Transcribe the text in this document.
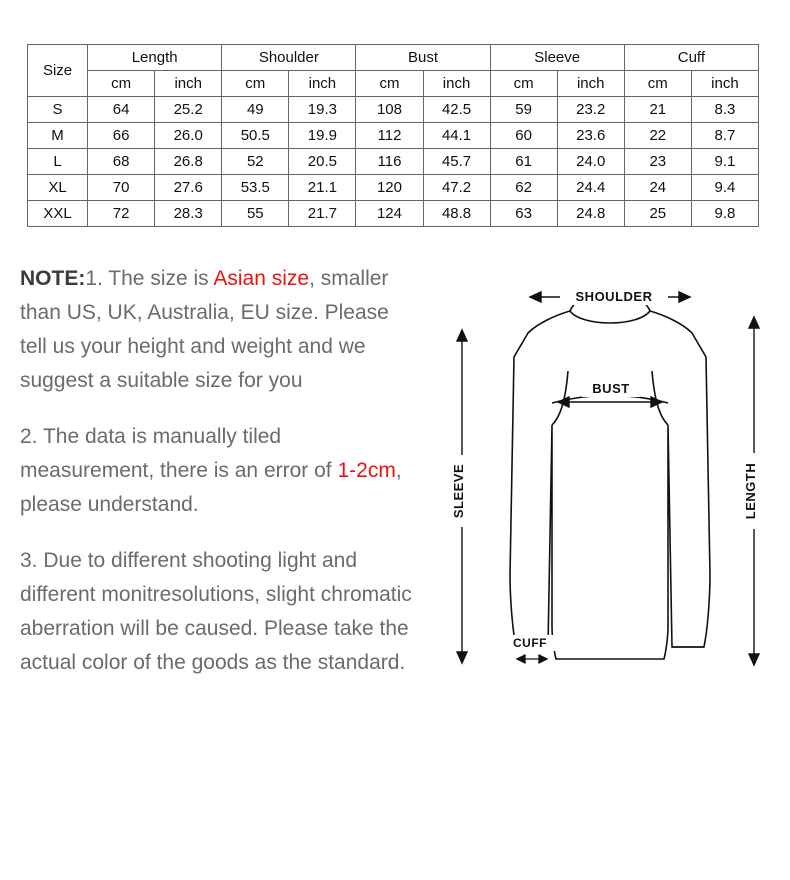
Size	Length		Shoulder		Bust		Sleeve		Cuff	
	cm	inch	cm	inch	cm	inch	cm	inch	cm	inch
S	64	25.2	49	19.3	108	42.5	59	23.2	21	8.3
M	66	26.0	50.5	19.9	112	44.1	60	23.6	22	8.7
L	68	26.8	52	20.5	116	45.7	61	24.0	23	9.1
XL	70	27.6	53.5	21.1	120	47.2	62	24.4	24	9.4
XXL	72	28.3	55	21.7	124	48.8	63	24.8	25	9.8

NOTE:1. The size is Asian size, smaller than US, UK, Australia, EU size. Please tell us your height and weight and we suggest a suitable size for you

2. The data is manually tiled measurement, there is an error of 1-2cm, please understand.

3. Due to different shooting light and different monitresolutions, slight chromatic aberration will be caused. Please take the actual color of the goods as the standard.

SHOULDER
BUST
SLEEVE	LENGTH
CUFF
